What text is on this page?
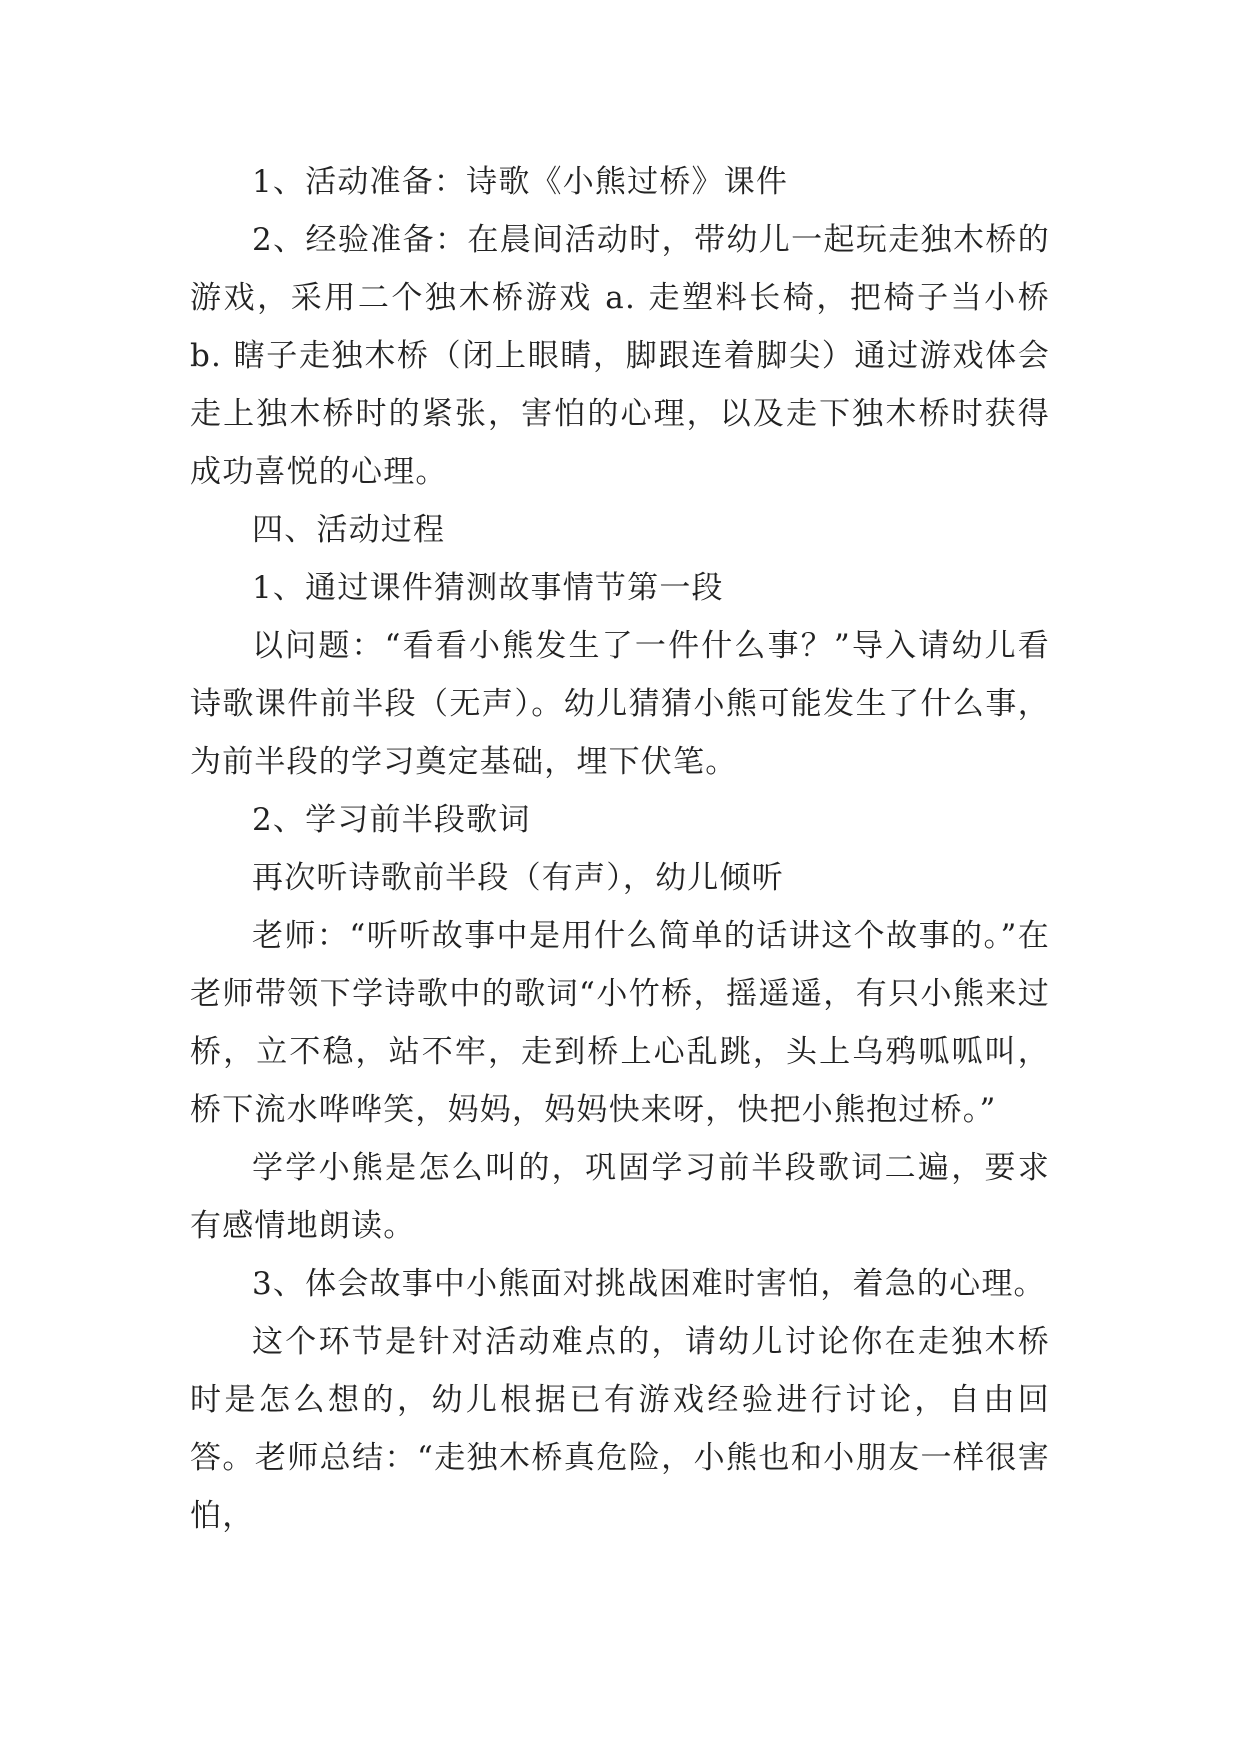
1、活动准备：诗歌《小熊过桥》课件

2、经验准备：在晨间活动时，带幼儿一起玩走独木桥的游戏，采用二个独木桥游戏 a. 走塑料长椅，把椅子当小桥 b. 瞎子走独木桥（闭上眼睛，脚跟连着脚尖）通过游戏体会走上独木桥时的紧张，害怕的心理，以及走下独木桥时获得成功喜悦的心理。

四、活动过程

1、通过课件猜测故事情节第一段

以问题：“看看小熊发生了一件什么事？”导入请幼儿看诗歌课件前半段（无声）。幼儿猜猜小熊可能发生了什么事，为前半段的学习奠定基础，埋下伏笔。

2、学习前半段歌词

再次听诗歌前半段（有声），幼儿倾听

老师：“听听故事中是用什么简单的话讲这个故事的。”在老师带领下学诗歌中的歌词“小竹桥，摇遥遥，有只小熊来过桥，立不稳，站不牢，走到桥上心乱跳，头上乌鸦呱呱叫，桥下流水哗哗笑，妈妈，妈妈快来呀，快把小熊抱过桥。”

学学小熊是怎么叫的，巩固学习前半段歌词二遍，要求有感情地朗读。

3、体会故事中小熊面对挑战困难时害怕，着急的心理。

这个环节是针对活动难点的，请幼儿讨论你在走独木桥时是怎么想的，幼儿根据已有游戏经验进行讨论，自由回答。老师总结：“走独木桥真危险，小熊也和小朋友一样很害怕，
